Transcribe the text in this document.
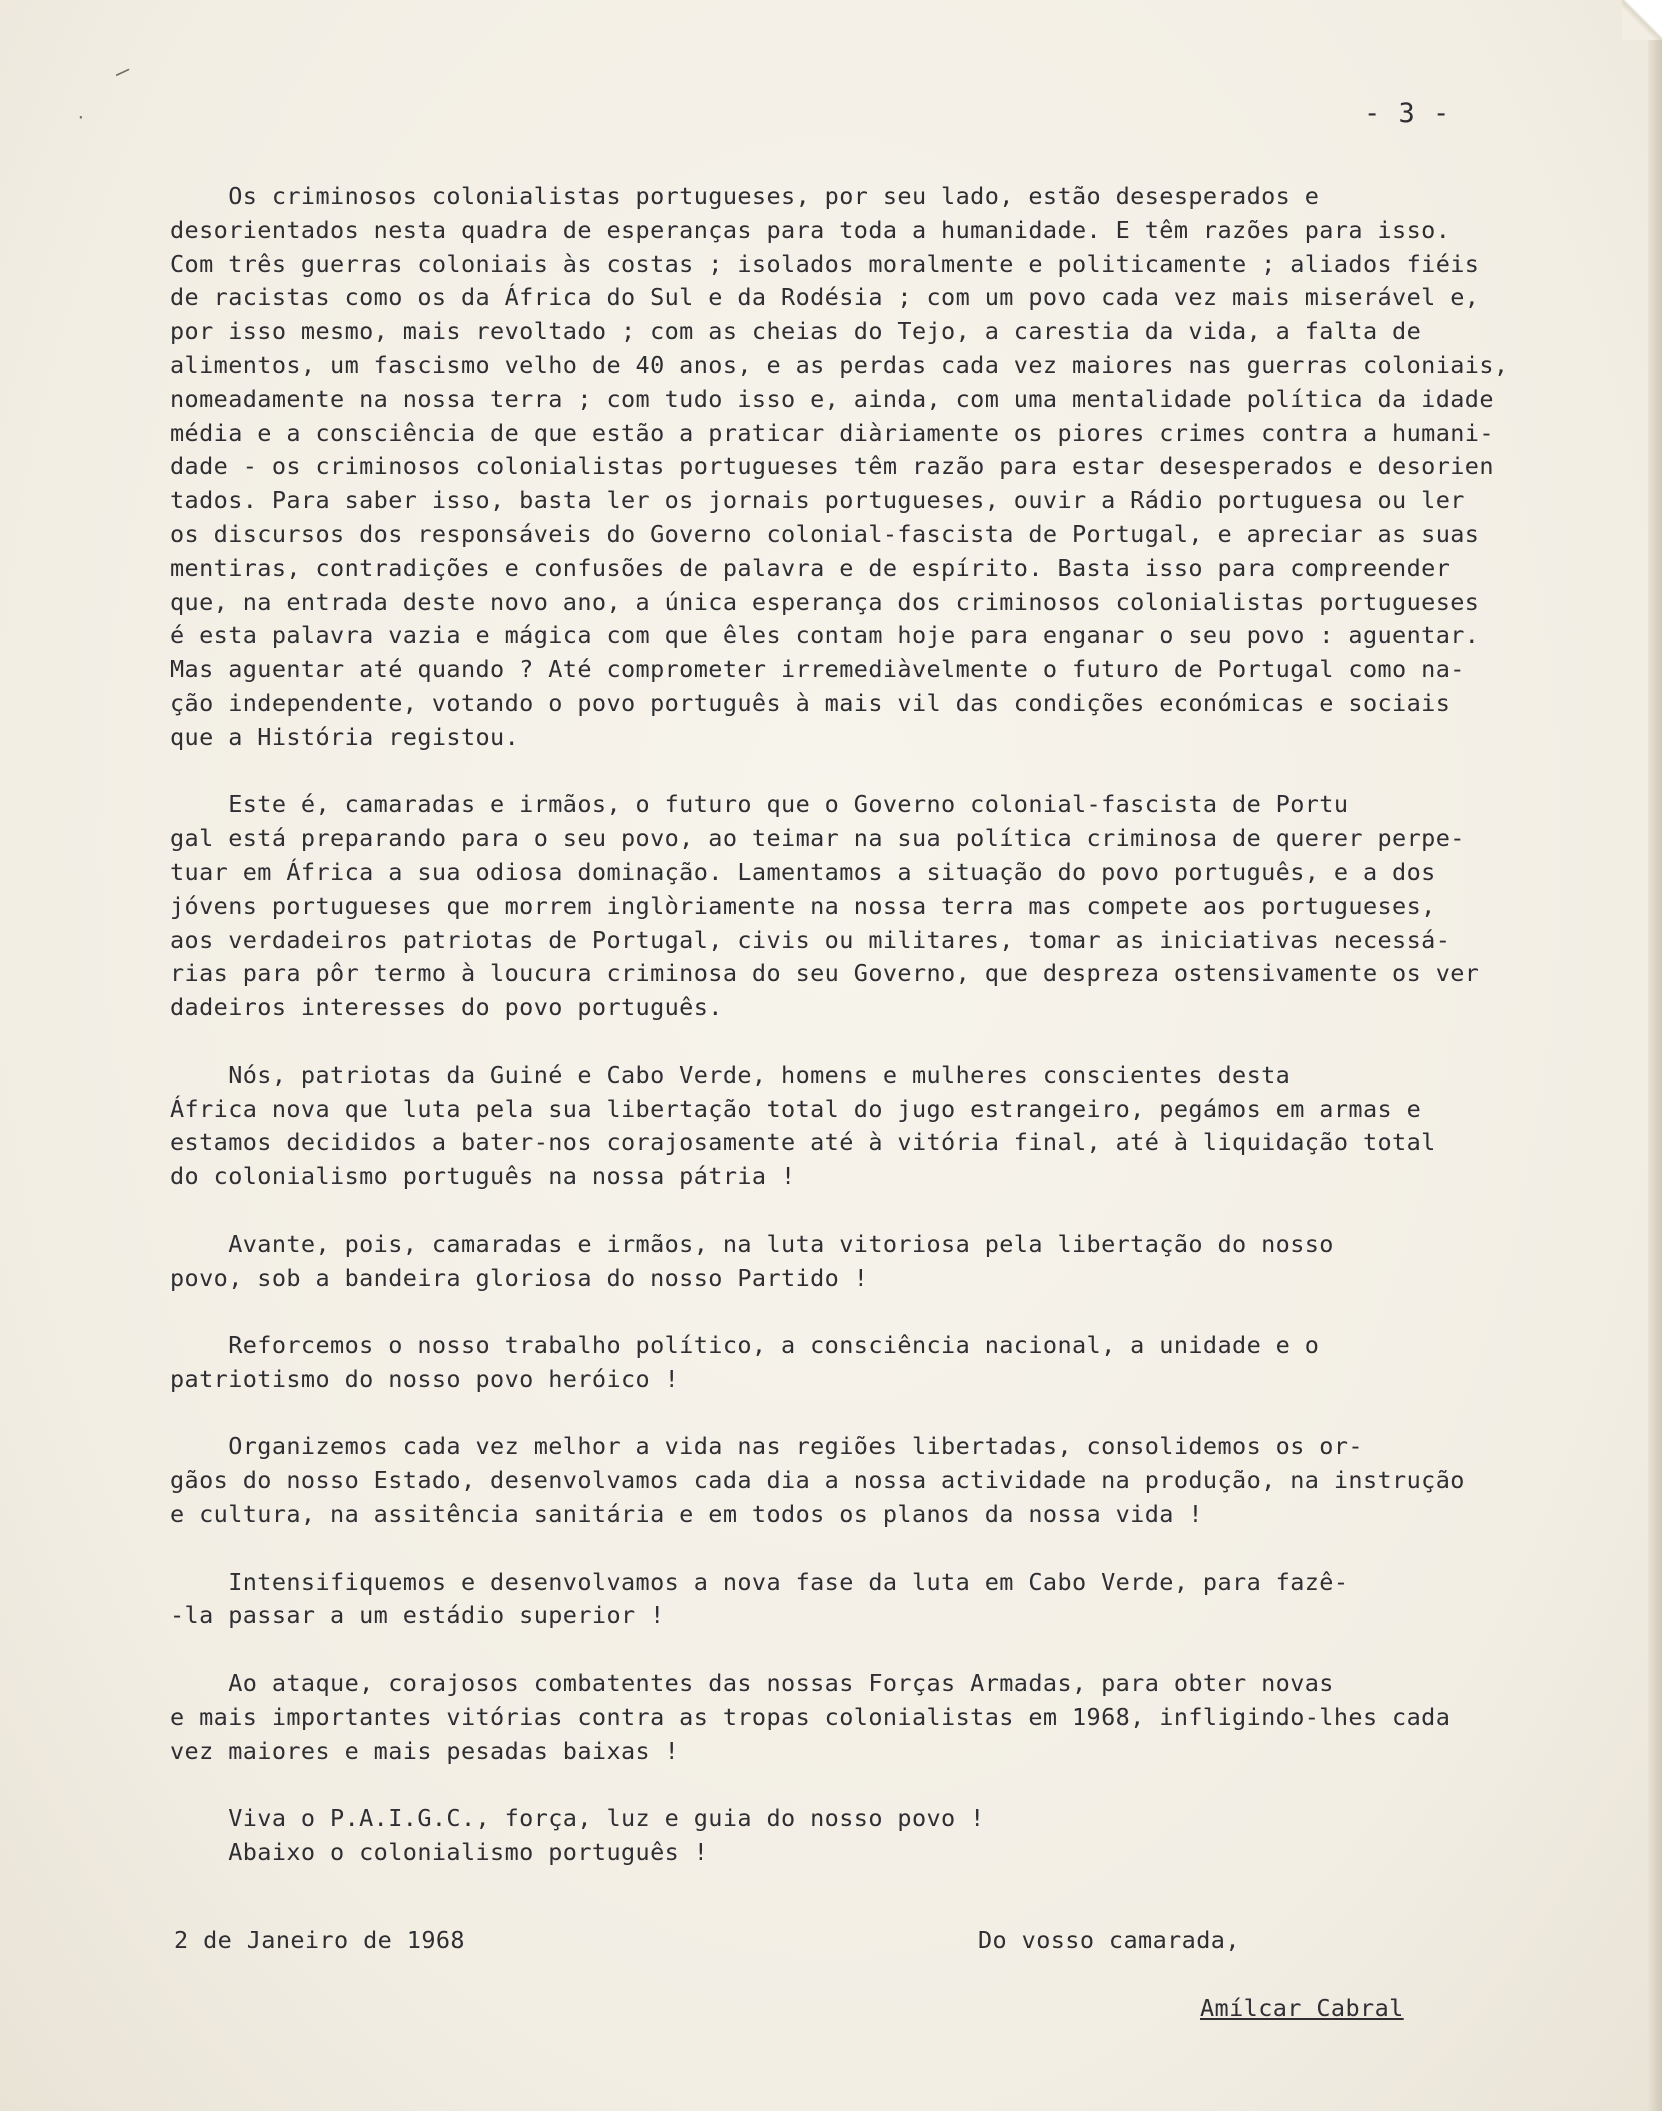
⸝
·	- 3 -
Os criminosos colonialistas portugueses, por seu lado, estão desesperados e
desorientados nesta quadra de esperanças para toda a humanidade. E têm razões para isso.
Com três guerras coloniais às costas ; isolados moralmente e politicamente ; aliados fiéis
de racistas como os da África do Sul e da Rodésia ; com um povo cada vez mais miserável e,
por isso mesmo, mais revoltado ; com as cheias do Tejo, a carestia da vida, a falta de
alimentos, um fascismo velho de 40 anos, e as perdas cada vez maiores nas guerras coloniais,
nomeadamente na nossa terra ; com tudo isso e, ainda, com uma mentalidade política da idade
média e a consciência de que estão a praticar diàriamente os piores crimes contra a humani-
dade - os criminosos colonialistas portugueses têm razão para estar desesperados e desorien
tados. Para saber isso, basta ler os jornais portugueses, ouvir a Rádio portuguesa ou ler
os discursos dos responsáveis do Governo colonial-fascista de Portugal, e apreciar as suas
mentiras, contradições e confusões de palavra e de espírito. Basta isso para compreender
que, na entrada deste novo ano, a única esperança dos criminosos colonialistas portugueses
é esta palavra vazia e mágica com que êles contam hoje para enganar o seu povo : aguentar.
Mas aguentar até quando ? Até comprometer irremediàvelmente o futuro de Portugal como na-
ção independente, votando o povo português à mais vil das condições económicas e sociais
que a História registou.
Este é, camaradas e irmãos, o futuro que o Governo colonial-fascista de Portu
gal está preparando para o seu povo, ao teimar na sua política criminosa de querer perpe-
tuar em África a sua odiosa dominação. Lamentamos a situação do povo português, e a dos
jóvens portugueses que morrem inglòriamente na nossa terra mas compete aos portugueses,
aos verdadeiros patriotas de Portugal, civis ou militares, tomar as iniciativas necessá-
rias para pôr termo à loucura criminosa do seu Governo, que despreza ostensivamente os ver
dadeiros interesses do povo português.
Nós, patriotas da Guiné e Cabo Verde, homens e mulheres conscientes desta
África nova que luta pela sua libertação total do jugo estrangeiro, pegámos em armas e
estamos decididos a bater-nos corajosamente até à vitória final, até à liquidação total
do colonialismo português na nossa pátria !
Avante, pois, camaradas e irmãos, na luta vitoriosa pela libertação do nosso
povo, sob a bandeira gloriosa do nosso Partido !
Reforcemos o nosso trabalho político, a consciência nacional, a unidade e o
patriotismo do nosso povo heróico !
Organizemos cada vez melhor a vida nas regiões libertadas, consolidemos os or-
gãos do nosso Estado, desenvolvamos cada dia a nossa actividade na produção, na instrução
e cultura, na assitência sanitária e em todos os planos da nossa vida !
Intensifiquemos e desenvolvamos a nova fase da luta em Cabo Verde, para fazê-
-la passar a um estádio superior !
Ao ataque, corajosos combatentes das nossas Forças Armadas, para obter novas
e mais importantes vitórias contra as tropas colonialistas em 1968, infligindo-lhes cada
vez maiores e mais pesadas baixas !
Viva o P.A.I.G.C., força, luz e guia do nosso povo !
Abaixo o colonialismo português !
2 de Janeiro de 1968	Do vosso camarada,
Amílcar Cabral
